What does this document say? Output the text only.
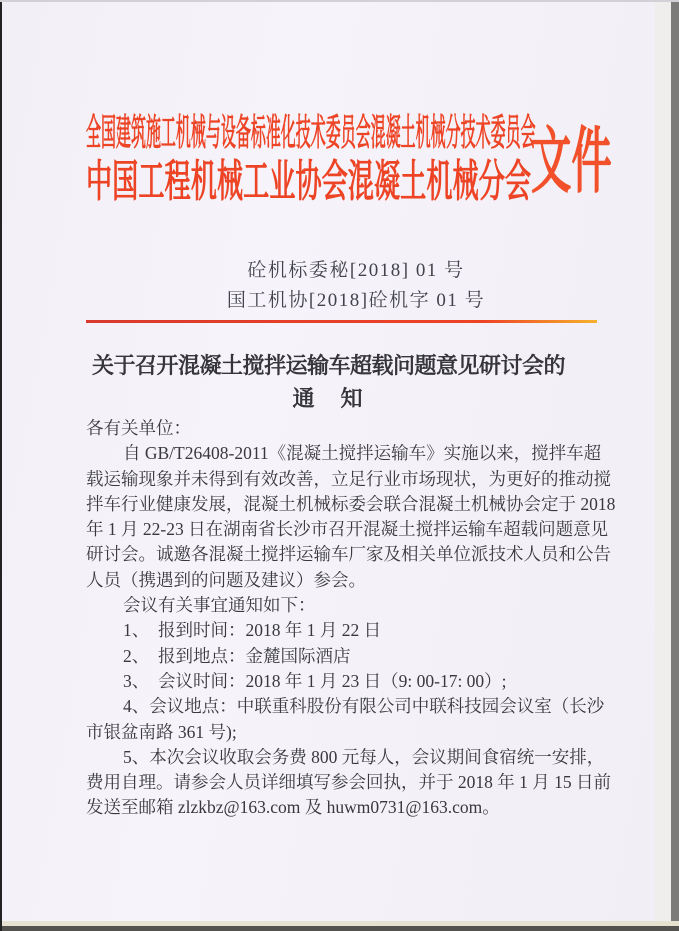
全国建筑施工机械与设备标准化技术委员会混凝土机械分技术委员会
中国工程机械工业协会混凝土机械分会 文件
砼机标委秘[2018] 01 号
国工机协[2018]砼机字 01 号
关于召开混凝土搅拌运输车超载问题意见研讨会的
通　知
各有关单位：
自 GB/T26408-2011《混凝土搅拌运输车》实施以来，搅拌车超
载运输现象并未得到有效改善，立足行业市场现状，为更好的推动搅
拌车行业健康发展，混凝土机械标委会联合混凝土机械协会定于 2018
年 1 月 22-23 日在湖南省长沙市召开混凝土搅拌运输车超载问题意见
研讨会。诚邀各混凝土搅拌运输车厂家及相关单位派技术人员和公告
人员（携遇到的问题及建议）参会。
会议有关事宜通知如下：
1、　报到时间：2018 年 1 月 22 日
2、　报到地点：金麓国际酒店
3、　会议时间：2018 年 1 月 23 日（9: 00-17: 00）;
4、会议地点：中联重科股份有限公司中联科技园会议室（长沙
市银盆南路 361 号);
5、本次会议收取会务费 800 元每人，会议期间食宿统一安排，
费用自理。请参会人员详细填写参会回执，并于 2018 年 1 月 15 日前
发送至邮箱 zlzkbz@163.com 及 huwm0731@163.com。
